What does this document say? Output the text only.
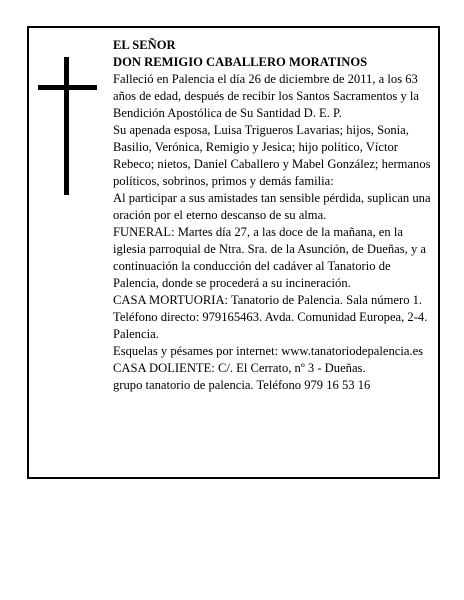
EL SEÑOR

DON REMIGIO CABALLERO MORATINOS

Falleció en Palencia el día 26 de diciembre de 2011, a los 63 años de edad, después de recibir los Santos Sacramentos y la Bendición Apostólica de Su Santidad D. E. P.

Su apenada esposa, Luisa Trigueros Lavarias; hijos, Sonia, Basilio, Verónica, Remigio y Jesica; hijo político, Víctor Rebeco; nietos, Daniel Caballero y Mabel González; hermanos políticos, sobrinos, primos y demás familia:

Al participar a sus amistades tan sensible pérdida, suplican una oración por el eterno descanso de su alma.

FUNERAL: Martes día 27, a las doce de la mañana, en la iglesia parroquial de Ntra. Sra. de la Asunción, de Dueñas, y a continuación la conducción del cadáver al Tanatorio de Palencia, donde se procederá a su incineración.

CASA MORTUORIA: Tanatorio de Palencia. Sala número 1. Teléfono directo: 979165463. Avda. Comunidad Europea, 2-4. Palencia.

Esquelas y pésames por internet: www.tanatoriodepalencia.es

CASA DOLIENTE: C/. El Cerrato, nº 3 - Dueñas.

grupo tanatorio de palencia. Teléfono 979 16 53 16
